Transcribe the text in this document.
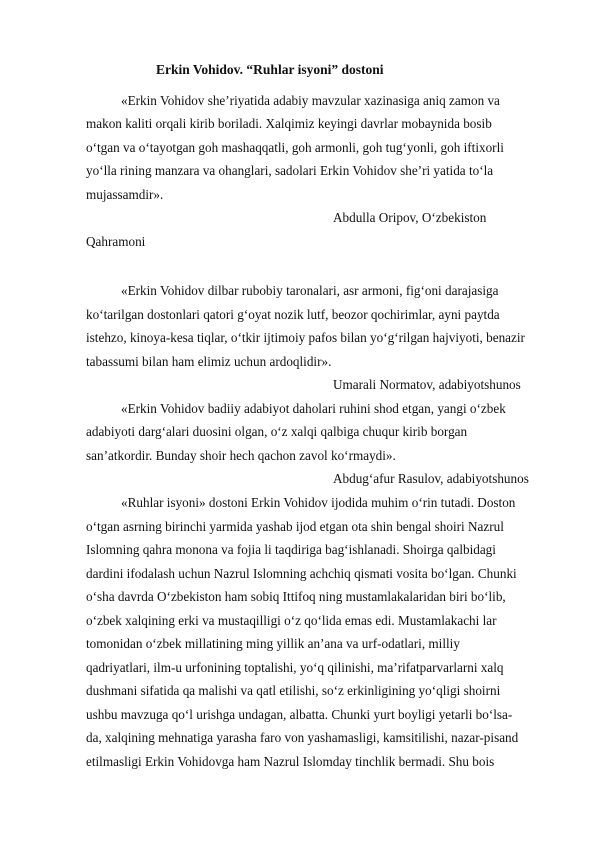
Erkin Vohidov. “Ruhlar isyoni” dostoni
«Erkin Vohidov she’riyatida adabiy mavzular xazinasiga aniq zamon va
makon kaliti orqali kirib boriladi. Xalqimiz keyingi davrlar mobaynida bosib
o‘tgan va o‘tayotgan goh mashaqqatli, goh armonli, goh tug‘yonli, goh iftixorli
yo‘lla rining manzara va ohanglari, sadolari Erkin Vohidov she’ri yatida to‘la
mujassamdir».
Abdulla Oripov, O‘zbekiston
Qahramoni
«Erkin Vohidov dilbar rubobiy taronalari, asr armoni, fig‘oni darajasiga
ko‘tarilgan dostonlari qatori g‘oyat nozik lutf, beozor qochirimlar, ayni paytda
istehzo, kinoya-kesa tiqlar, o‘tkir ijtimoiy pafos bilan yo‘g‘rilgan hajviyoti, benazir
tabassumi bilan ham elimiz uchun ardoqlidir».
Umarali Normatov, adabiyotshunos
«Erkin Vohidov badiiy adabiyot daholari ruhini shod etgan, yangi o‘zbek
adabiyoti darg‘alari duosini olgan, o‘z xalqi qalbiga chuqur kirib borgan
san’atkordir. Bunday shoir hech qachon zavol ko‘rmaydi».
Abdug‘afur Rasulov, adabiyotshunos
«Ruhlar isyoni» dostoni Erkin Vohidov ijodida muhim o‘rin tutadi. Doston
o‘tgan asrning birinchi yarmida yashab ijod etgan ota shin bengal shoiri Nazrul
Islomning qahra monona va fojia li taqdiriga bag‘ishlanadi. Shoirga qalbidagi
dardini ifodalash uchun Nazrul Islomning achchiq qismati vosita bo‘lgan. Chunki
o‘sha davrda O‘zbekiston ham sobiq Ittifoq ning mustamlakalaridan biri bo‘lib,
o‘zbek xalqining erki va mustaqilligi o‘z qo‘lida emas edi. Mustamlakachi lar
tomonidan o‘zbek millatining ming yillik an’ana va urf-odatlari, milliy
qadriyatlari, ilm-u urfonining toptalishi, yo‘q qilinishi, ma’rifatparvarlarni xalq
dushmani sifatida qa malishi va qatl etilishi, so‘z erkinligining yo‘qligi shoirni
ushbu mavzuga qo‘l urishga undagan, albatta. Chunki yurt boyligi yetarli bo‘lsa-
da, xalqining mehnatiga yarasha faro von yashamasligi, kamsitilishi, nazar-pisand
etilmasligi Erkin Vohidovga ham Nazrul Islomday tinchlik bermadi. Shu bois
